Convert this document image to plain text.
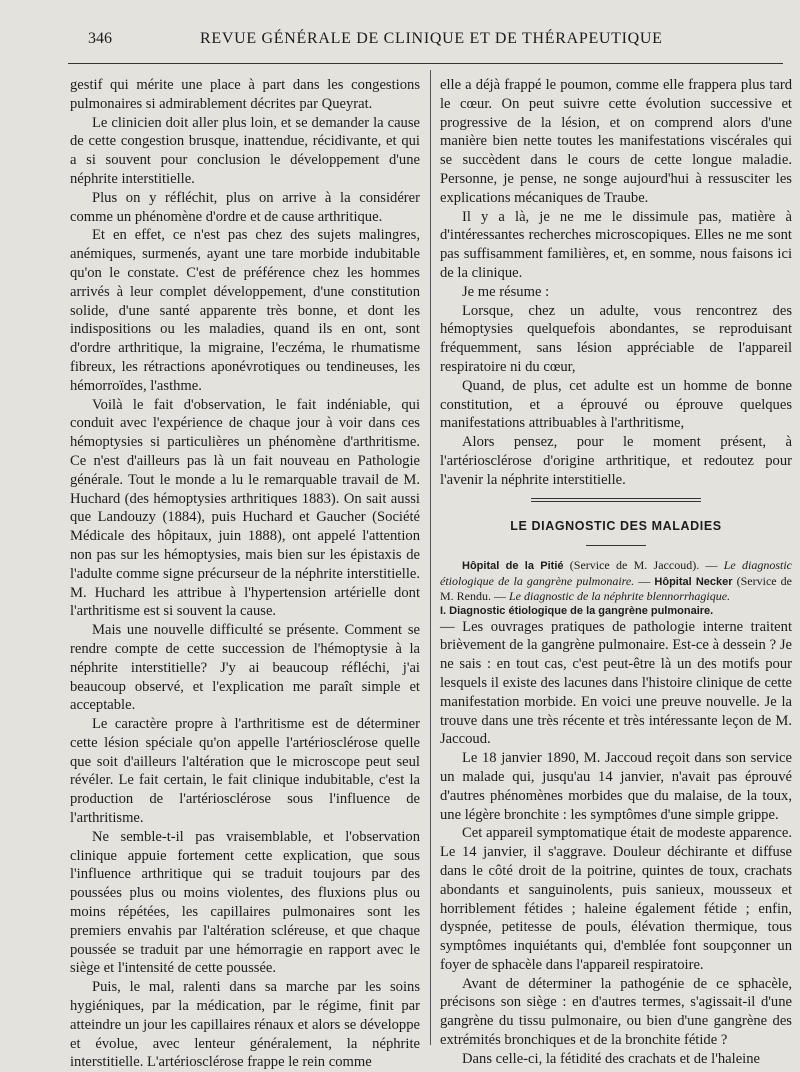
346	REVUE GÉNÉRALE DE CLINIQUE ET DE THÉRAPEUTIQUE

gestif qui mérite une place à part dans les congestions pulmonaires si admirablement décrites par Queyrat.

Le clinicien doit aller plus loin, et se demander la cause de cette congestion brusque, inattendue, récidivante, et qui a si souvent pour conclusion le développement d'une néphrite interstitielle.

Plus on y réfléchit, plus on arrive à la considérer comme un phénomène d'ordre et de cause arthritique.

Et en effet, ce n'est pas chez des sujets malingres, anémiques, surmenés, ayant une tare morbide indubitable qu'on le constate. C'est de préférence chez les hommes arrivés à leur complet développement, d'une constitution solide, d'une santé apparente très bonne, et dont les indispositions ou les maladies, quand ils en ont, sont d'ordre arthritique, la migraine, l'eczéma, le rhumatisme fibreux, les rétractions aponévrotiques ou tendineuses, les hémorroïdes, l'asthme.

Voilà le fait d'observation, le fait indéniable, qui conduit avec l'expérience de chaque jour à voir dans ces hémoptysies si particulières un phénomène d'arthritisme. Ce n'est d'ailleurs pas là un fait nouveau en Pathologie générale. Tout le monde a lu le remarquable travail de M. Huchard (des hémoptysies arthritiques 1883). On sait aussi que Landouzy (1884), puis Huchard et Gaucher (Société Médicale des hôpitaux, juin 1888), ont appelé l'attention non pas sur les hémoptysies, mais bien sur les épistaxis de l'adulte comme signe précurseur de la néphrite interstitielle. M. Huchard les attribue à l'hypertension artérielle dont l'arthritisme est si souvent la cause.

Mais une nouvelle difficulté se présente. Comment se rendre compte de cette succession de l'hémoptysie à la néphrite interstitielle? J'y ai beaucoup réfléchi, j'ai beaucoup observé, et l'explication me paraît simple et acceptable.

Le caractère propre à l'arthritisme est de déterminer cette lésion spéciale qu'on appelle l'artériosclérose quelle que soit d'ailleurs l'altération que le microscope peut seul révéler. Le fait certain, le fait clinique indubitable, c'est la production de l'artériosclérose sous l'influence de l'arthritisme.

Ne semble-t-il pas vraisemblable, et l'observation clinique appuie fortement cette explication, que sous l'influence arthritique qui se traduit toujours par des poussées plus ou moins violentes, des fluxions plus ou moins répétées, les capillaires pulmonaires sont les premiers envahis par l'altération scléreuse, et que chaque poussée se traduit par une hémorragie en rapport avec le siège et l'intensité de cette poussée.

Puis, le mal, ralenti dans sa marche par les soins hygiéniques, par la médication, par le régime, finit par atteindre un jour les capillaires rénaux et alors se développe et évolue, avec lenteur généralement, la néphrite interstitielle. L'artériosclérose frappe le rein comme

elle a déjà frappé le poumon, comme elle frappera plus tard le cœur. On peut suivre cette évolution successive et progressive de la lésion, et on comprend alors d'une manière bien nette toutes les manifestations viscérales qui se succèdent dans le cours de cette longue maladie. Personne, je pense, ne songe aujourd'hui à ressusciter les explications mécaniques de Traube.

Il y a là, je ne me le dissimule pas, matière à d'intéressantes recherches microscopiques. Elles ne me sont pas suffisamment familières, et, en somme, nous faisons ici de la clinique.

Je me résume :

Lorsque, chez un adulte, vous rencontrez des hémoptysies quelquefois abondantes, se reproduisant fréquemment, sans lésion appréciable de l'appareil respiratoire ni du cœur,

Quand, de plus, cet adulte est un homme de bonne constitution, et a éprouvé ou éprouve quelques manifestations attribuables à l'arthritisme,

Alors pensez, pour le moment présent, à l'artériosclérose d'origine arthritique, et redoutez pour l'avenir la néphrite interstitielle.

LE DIAGNOSTIC DES MALADIES

Hôpital de la Pitié (Service de M. Jaccoud). — Le diagnostic étiologique de la gangrène pulmonaire. — Hôpital Necker (Service de M. Rendu. — Le diagnostic de la néphrite blennorrhagique.

I. Diagnostic étiologique de la gangrène pulmonaire.

— Les ouvrages pratiques de pathologie interne traitent brièvement de la gangrène pulmonaire. Est-ce à dessein ? Je ne sais : en tout cas, c'est peut-être là un des motifs pour lesquels il existe des lacunes dans l'histoire clinique de cette manifestation morbide. En voici une preuve nouvelle. Je la trouve dans une très récente et très intéressante leçon de M. Jaccoud.

Le 18 janvier 1890, M. Jaccoud reçoit dans son service un malade qui, jusqu'au 14 janvier, n'avait pas éprouvé d'autres phénomènes morbides que du malaise, de la toux, une légère bronchite : les symptômes d'une simple grippe.

Cet appareil symptomatique était de modeste apparence. Le 14 janvier, il s'aggrave. Douleur déchirante et diffuse dans le côté droit de la poitrine, quintes de toux, crachats abondants et sanguinolents, puis sanieux, mousseux et horriblement fétides ; haleine également fétide ; enfin, dyspnée, petitesse de pouls, élévation thermique, tous symptômes inquiétants qui, d'emblée font soupçonner un foyer de sphacèle dans l'appareil respiratoire.

Avant de déterminer la pathogénie de ce sphacèle, précisons son siège : en d'autres termes, s'agissait-il d'une gangrène du tissu pulmonaire, ou bien d'une gangrène des extrémités bronchiques et de la bronchite fétide ?

Dans celle-ci, la fétidité des crachats et de l'haleine
